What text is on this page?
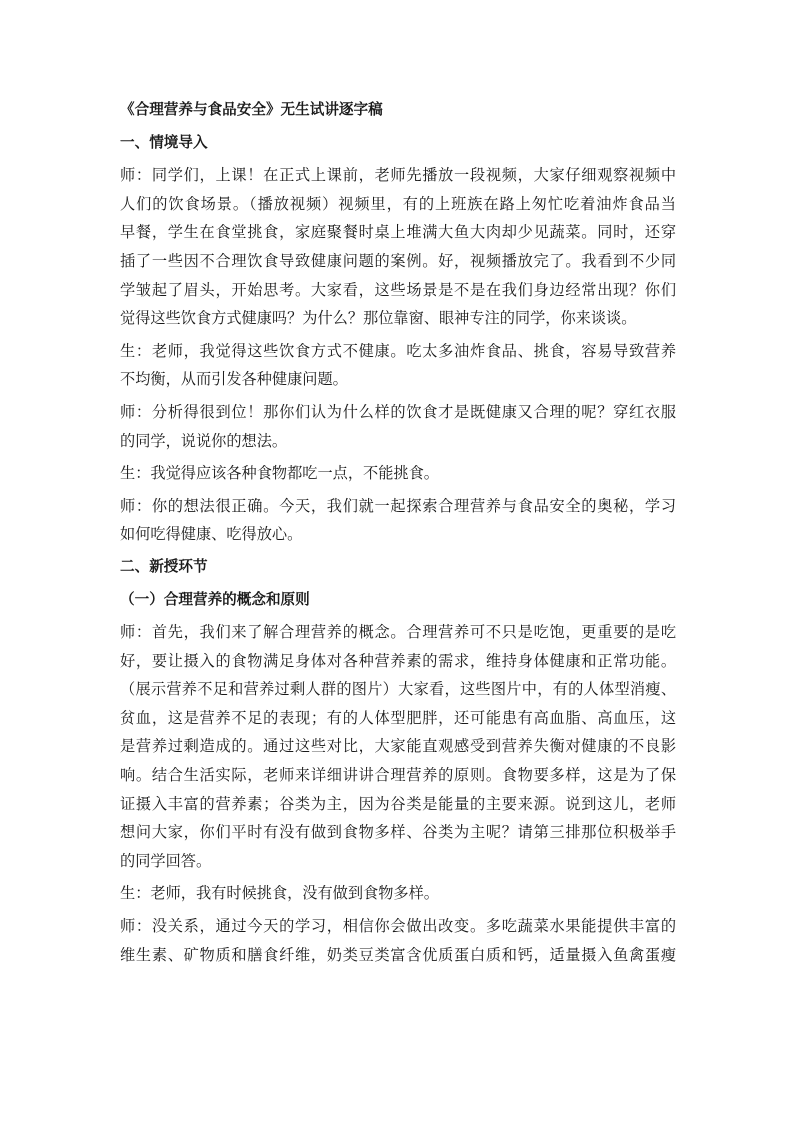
《合理营养与食品安全》无生试讲逐字稿

一、情境导入

师：同学们，上课！在正式上课前，老师先播放一段视频，大家仔细观察视频中

人们的饮食场景。（播放视频）视频里，有的上班族在路上匆忙吃着油炸食品当

早餐，学生在食堂挑食，家庭聚餐时桌上堆满大鱼大肉却少见蔬菜。同时，还穿

插了一些因不合理饮食导致健康问题的案例。好，视频播放完了。我看到不少同

学皱起了眉头，开始思考。大家看，这些场景是不是在我们身边经常出现？你们

觉得这些饮食方式健康吗？为什么？那位靠窗、眼神专注的同学，你来谈谈。

生：老师，我觉得这些饮食方式不健康。吃太多油炸食品、挑食，容易导致营养

不均衡，从而引发各种健康问题。

师：分析得很到位！那你们认为什么样的饮食才是既健康又合理的呢？穿红衣服

的同学，说说你的想法。

生：我觉得应该各种食物都吃一点，不能挑食。

师：你的想法很正确。今天，我们就一起探索合理营养与食品安全的奥秘，学习

如何吃得健康、吃得放心。

二、新授环节

（一）合理营养的概念和原则

师：首先，我们来了解合理营养的概念。合理营养可不只是吃饱，更重要的是吃

好，要让摄入的食物满足身体对各种营养素的需求，维持身体健康和正常功能。

（展示营养不足和营养过剩人群的图片）大家看，这些图片中，有的人体型消瘦、

贫血，这是营养不足的表现；有的人体型肥胖，还可能患有高血脂、高血压，这

是营养过剩造成的。通过这些对比，大家能直观感受到营养失衡对健康的不良影

响。结合生活实际，老师来详细讲讲合理营养的原则。食物要多样，这是为了保

证摄入丰富的营养素；谷类为主，因为谷类是能量的主要来源。说到这儿，老师

想问大家，你们平时有没有做到食物多样、谷类为主呢？请第三排那位积极举手

的同学回答。

生：老师，我有时候挑食，没有做到食物多样。

师：没关系，通过今天的学习，相信你会做出改变。多吃蔬菜水果能提供丰富的

维生素、矿物质和膳食纤维，奶类豆类富含优质蛋白质和钙，适量摄入鱼禽蛋瘦
